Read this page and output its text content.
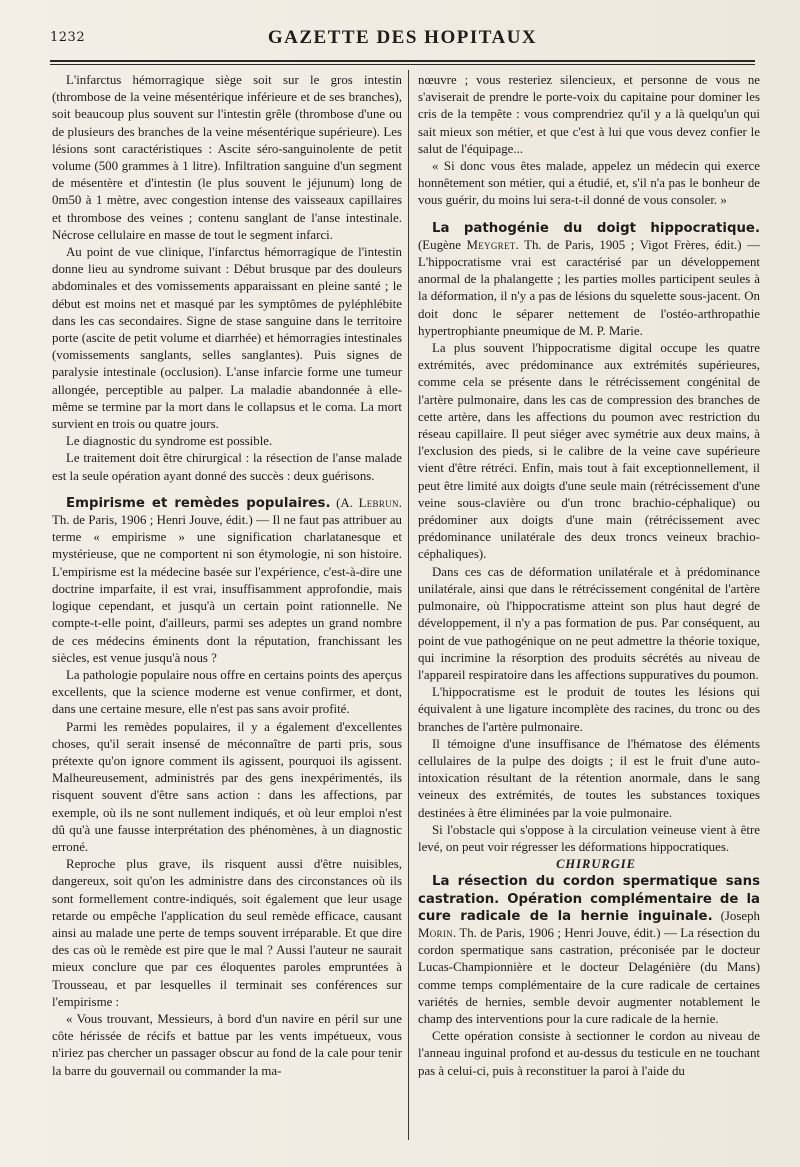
1232	GAZETTE DES HOPITAUX

L'infarctus hémorragique siège soit sur le gros intestin (thrombose de la veine mésentérique inférieure et de ses branches), soit beaucoup plus souvent sur l'intestin grêle (thrombose d'une ou de plusieurs des branches de la veine mésentérique supérieure). Les lésions sont caractéristiques : Ascite séro-sanguinolente de petit volume (500 grammes à 1 litre). Infiltration sanguine d'un segment de mésentère et d'intestin (le plus souvent le jéjunum) long de 0m50 à 1 mètre, avec congestion intense des vaisseaux capillaires et thrombose des veines ; contenu sanglant de l'anse intestinale. Nécrose cellulaire en masse de tout le segment infarci.

Au point de vue clinique, l'infarctus hémorragique de l'intestin donne lieu au syndrome suivant : Début brusque par des douleurs abdominales et des vomissements apparaissant en pleine santé ; le début est moins net et masqué par les symptômes de pyléphlébite dans les cas secondaires. Signe de stase sanguine dans le territoire porte (ascite de petit volume et diarrhée) et hémorragies intestinales (vomissements sanglants, selles sanglantes). Puis signes de paralysie intestinale (occlusion). L'anse infarcie forme une tumeur allongée, perceptible au palper. La maladie abandonnée à elle-même se termine par la mort dans le collapsus et le coma. La mort survient en trois ou quatre jours.

Le diagnostic du syndrome est possible.

Le traitement doit être chirurgical : la résection de l'anse malade est la seule opération ayant donné des succès : deux guérisons.

Empirisme et remèdes populaires. (A. Lebrun. Th. de Paris, 1906 ; Henri Jouve, édit.) — Il ne faut pas attribuer au terme « empirisme » une signification charlatanesque et mystérieuse, que ne comportent ni son étymologie, ni son histoire. L'empirisme est la médecine basée sur l'expérience, c'est-à-dire une doctrine imparfaite, il est vrai, insuffisamment approfondie, mais logique cependant, et jusqu'à un certain point rationnelle. Ne compte-t-elle point, d'ailleurs, parmi ses adeptes un grand nombre de ces médecins éminents dont la réputation, franchissant les siècles, est venue jusqu'à nous ?

La pathologie populaire nous offre en certains points des aperçus excellents, que la science moderne est venue confirmer, et dont, dans une certaine mesure, elle n'est pas sans avoir profité.

Parmi les remèdes populaires, il y a également d'excellentes choses, qu'il serait insensé de méconnaître de parti pris, sous prétexte qu'on ignore comment ils agissent, pourquoi ils agissent. Malheureusement, administrés par des gens inexpérimentés, ils risquent souvent d'être sans action : dans les affections, par exemple, où ils ne sont nullement indiqués, et où leur emploi n'est dû qu'à une fausse interprétation des phénomènes, à un diagnostic erroné.

Reproche plus grave, ils risquent aussi d'être nuisibles, dangereux, soit qu'on les administre dans des circonstances où ils sont formellement contre-indiqués, soit également que leur usage retarde ou empêche l'application du seul remède efficace, causant ainsi au malade une perte de temps souvent irréparable. Et que dire des cas où le remède est pire que le mal ? Aussi l'auteur ne saurait mieux conclure que par ces éloquentes paroles empruntées à Trousseau, et par lesquelles il terminait ses conférences sur l'empirisme :

« Vous trouvant, Messieurs, à bord d'un navire en péril sur une côte hérissée de récifs et battue par les vents impétueux, vous n'iriez pas chercher un passager obscur au fond de la cale pour tenir la barre du gouvernail ou commander la ma-

nœuvre ; vous resteriez silencieux, et personne de vous ne s'aviserait de prendre le porte-voix du capitaine pour dominer les cris de la tempête : vous comprendriez qu'il y a là quelqu'un qui sait mieux son métier, et que c'est à lui que vous devez confier le salut de l'équipage...

« Si donc vous êtes malade, appelez un médecin qui exerce honnêtement son métier, qui a étudié, et, s'il n'a pas le bonheur de vous guérir, du moins lui sera-t-il donné de vous consoler. »

La pathogénie du doigt hippocratique. (Eugène Meygret. Th. de Paris, 1905 ; Vigot Frères, édit.) — L'hippocratisme vrai est caractérisé par un développement anormal de la phalangette ; les parties molles participent seules à la déformation, il n'y a pas de lésions du squelette sous-jacent. On doit donc le séparer nettement de l'ostéo-arthropathie hypertrophiante pneumique de M. P. Marie.

La plus souvent l'hippocratisme digital occupe les quatre extrémités, avec prédominance aux extrémités supérieures, comme cela se présente dans le rétrécissement congénital de l'artère pulmonaire, dans les cas de compression des branches de cette artère, dans les affections du poumon avec restriction du réseau capillaire. Il peut siéger avec symétrie aux deux mains, à l'exclusion des pieds, si le calibre de la veine cave supérieure vient d'être rétréci. Enfin, mais tout à fait exceptionnellement, il peut être limité aux doigts d'une seule main (rétrécissement d'une veine sous-clavière ou d'un tronc brachio-céphalique) ou prédominer aux doigts d'une main (rétrécissement avec prédominance unilatérale des deux troncs veineux brachio-céphaliques).

Dans ces cas de déformation unilatérale et à prédominance unilatérale, ainsi que dans le rétrécissement congénital de l'artère pulmonaire, où l'hippocratisme atteint son plus haut degré de développement, il n'y a pas formation de pus. Par conséquent, au point de vue pathogénique on ne peut admettre la théorie toxique, qui incrimine la résorption des produits sécrétés au niveau de l'appareil respiratoire dans les affections suppuratives du poumon.

L'hippocratisme est le produit de toutes les lésions qui équivalent à une ligature incomplète des racines, du tronc ou des branches de l'artère pulmonaire.

Il témoigne d'une insuffisance de l'hématose des éléments cellulaires de la pulpe des doigts ; il est le fruit d'une auto-intoxication résultant de la rétention anormale, dans le sang veineux des extrémités, de toutes les substances toxiques destinées à être éliminées par la voie pulmonaire.

Si l'obstacle qui s'oppose à la circulation veineuse vient à être levé, on peut voir régresser les déformations hippocratiques.

CHIRURGIE

La résection du cordon spermatique sans castration. Opération complémentaire de la cure radicale de la hernie inguinale. (Joseph Morin. Th. de Paris, 1906 ; Henri Jouve, édit.) — La résection du cordon spermatique sans castration, préconisée par le docteur Lucas-Championnière et le docteur Delagénière (du Mans) comme temps complémentaire de la cure radicale de certaines variétés de hernies, semble devoir augmenter notablement le champ des interventions pour la cure radicale de la hernie.

Cette opération consiste à sectionner le cordon au niveau de l'anneau inguinal profond et au-dessus du testicule en ne touchant pas à celui-ci, puis à reconstituer la paroi à l'aide du
